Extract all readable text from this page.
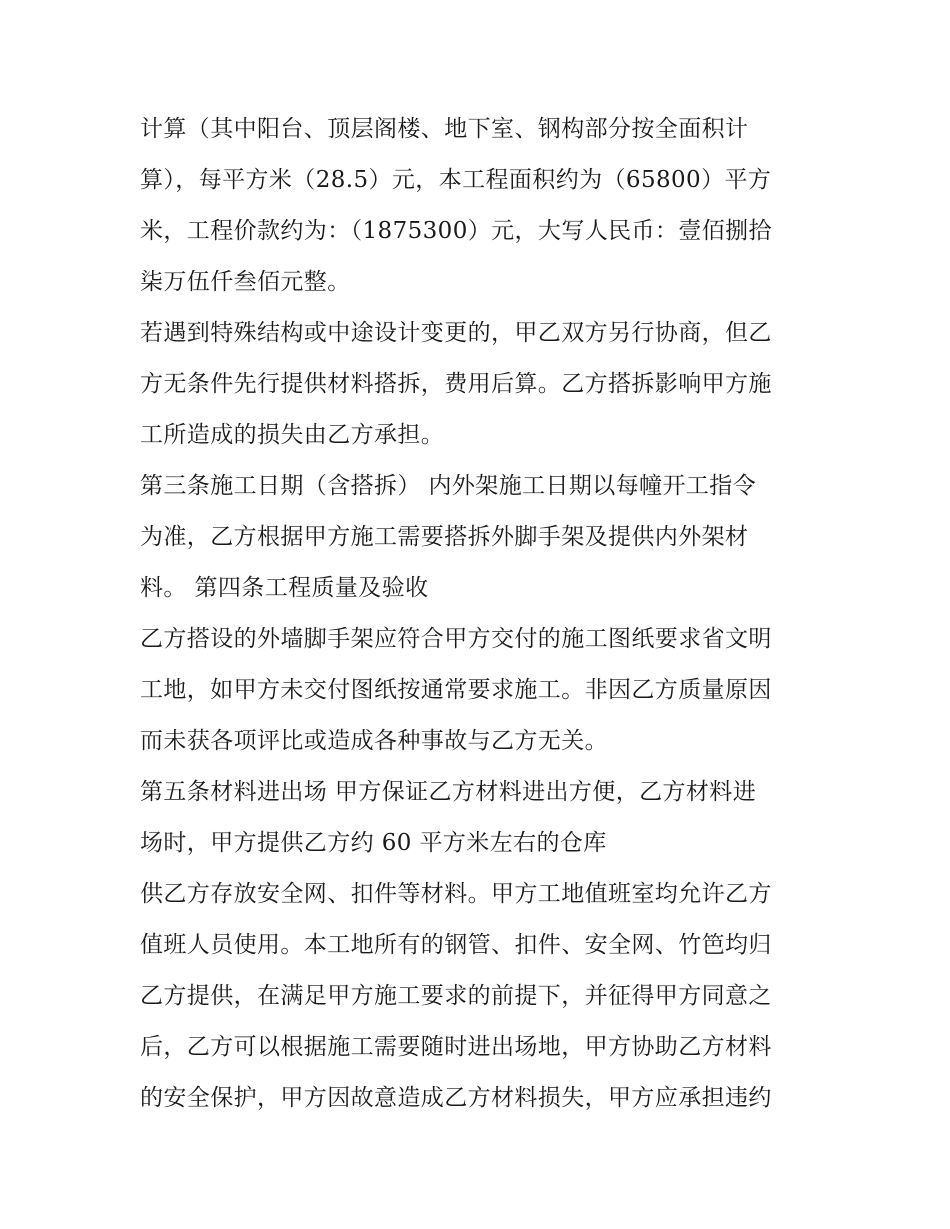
计算（其中阳台、顶层阁楼、地下室、钢构部分按全面积计
算），每平方米（28.5）元，本工程面积约为（65800）平方
米，工程价款约为：（1875300）元，大写人民币：壹佰捌拾
柒万伍仟叁佰元整。
若遇到特殊结构或中途设计变更的，甲乙双方另行协商，但乙
方无条件先行提供材料搭拆，费用后算。乙方搭拆影响甲方施
工所造成的损失由乙方承担。
第三条施工日期（含搭拆） 内外架施工日期以每幢开工指令
为准，乙方根据甲方施工需要搭拆外脚手架及提供内外架材
料。 第四条工程质量及验收
乙方搭设的外墙脚手架应符合甲方交付的施工图纸要求省文明
工地，如甲方未交付图纸按通常要求施工。非因乙方质量原因
而未获各项评比或造成各种事故与乙方无关。
第五条材料进出场 甲方保证乙方材料进出方便，乙方材料进
场时，甲方提供乙方约 60 平方米左右的仓库
供乙方存放安全网、扣件等材料。甲方工地值班室均允许乙方
值班人员使用。本工地所有的钢管、扣件、安全网、竹笆均归
乙方提供，在满足甲方施工要求的前提下，并征得甲方同意之
后，乙方可以根据施工需要随时进出场地，甲方协助乙方材料
的安全保护，甲方因故意造成乙方材料损失，甲方应承担违约
